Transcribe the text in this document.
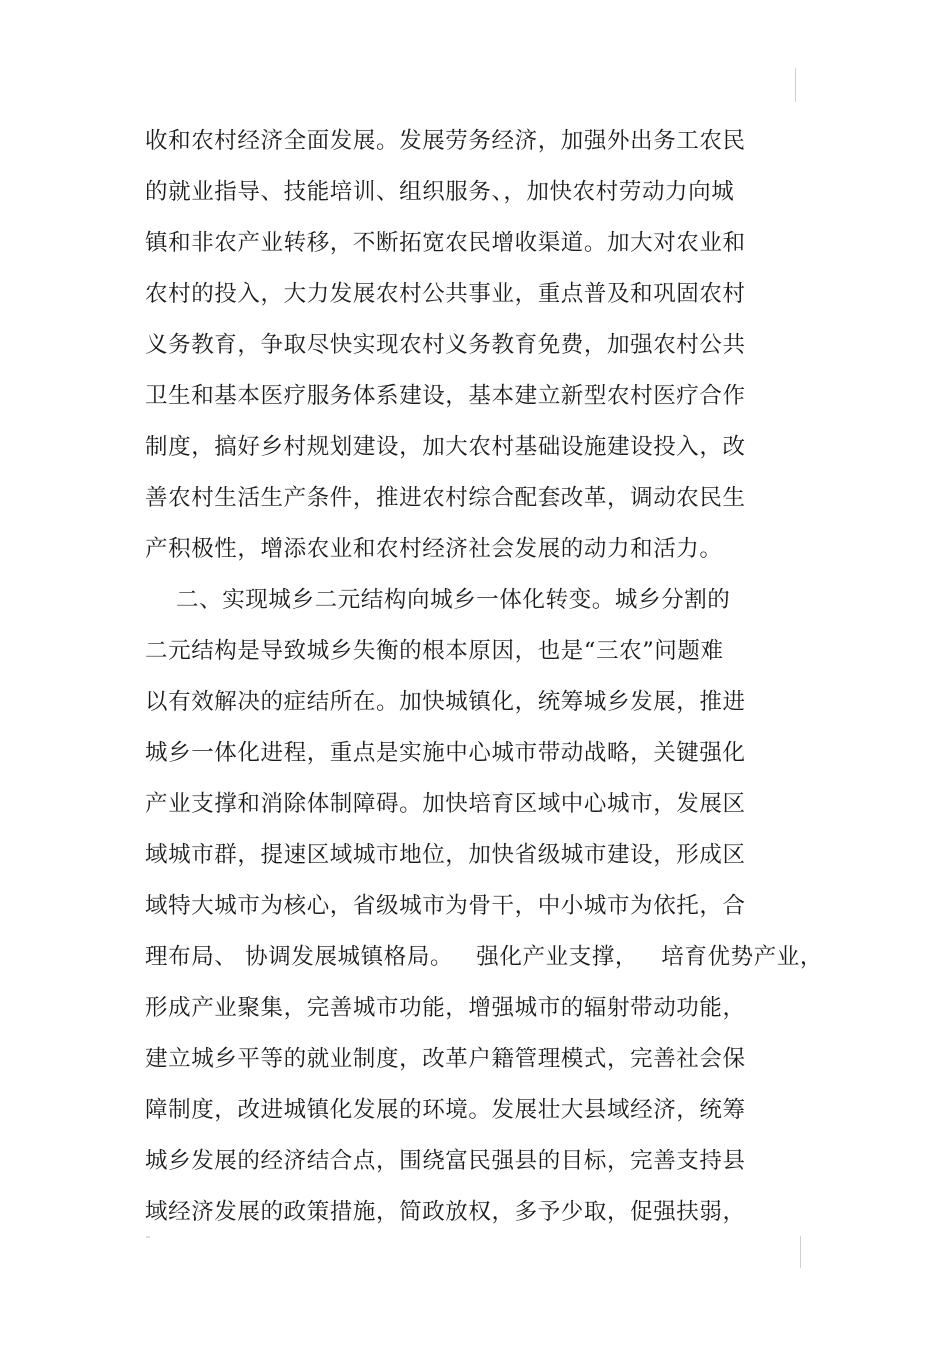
收和农村经济全面发展。发展劳务经济，加强外出务工农民
的就业指导、技能培训、组织服务、，加快农村劳动力向城
镇和非农产业转移，不断拓宽农民增收渠道。加大对农业和
农村的投入，大力发展农村公共事业，重点普及和巩固农村
义务教育，争取尽快实现农村义务教育免费，加强农村公共
卫生和基本医疗服务体系建设，基本建立新型农村医疗合作
制度，搞好乡村规划建设，加大农村基础设施建设投入，改
善农村生活生产条件，推进农村综合配套改革，调动农民生
产积极性，增添农业和农村经济社会发展的动力和活力。
二、实现城乡二元结构向城乡一体化转变。城乡分割的
二元结构是导致城乡失衡的根本原因，也是“三农”问题难
以有效解决的症结所在。加快城镇化，统筹城乡发展，推进
城乡一体化进程，重点是实施中心城市带动战略，关键强化
产业支撑和消除体制障碍。加快培育区域中心城市，发展区
域城市群，提速区域城市地位，加快省级城市建设，形成区
域特大城市为核心，省级城市为骨干，中小城市为依托，合
理布局、 协调发展城镇格局。   强化产业支撑，   培育优势产业，
形成产业聚集，完善城市功能，增强城市的辐射带动功能，
建立城乡平等的就业制度，改革户籍管理模式，完善社会保
障制度，改进城镇化发展的环境。发展壮大县域经济，统筹
城乡发展的经济结合点，围绕富民强县的目标，完善支持县
域经济发展的政策措施，简政放权，多予少取，促强扶弱，
